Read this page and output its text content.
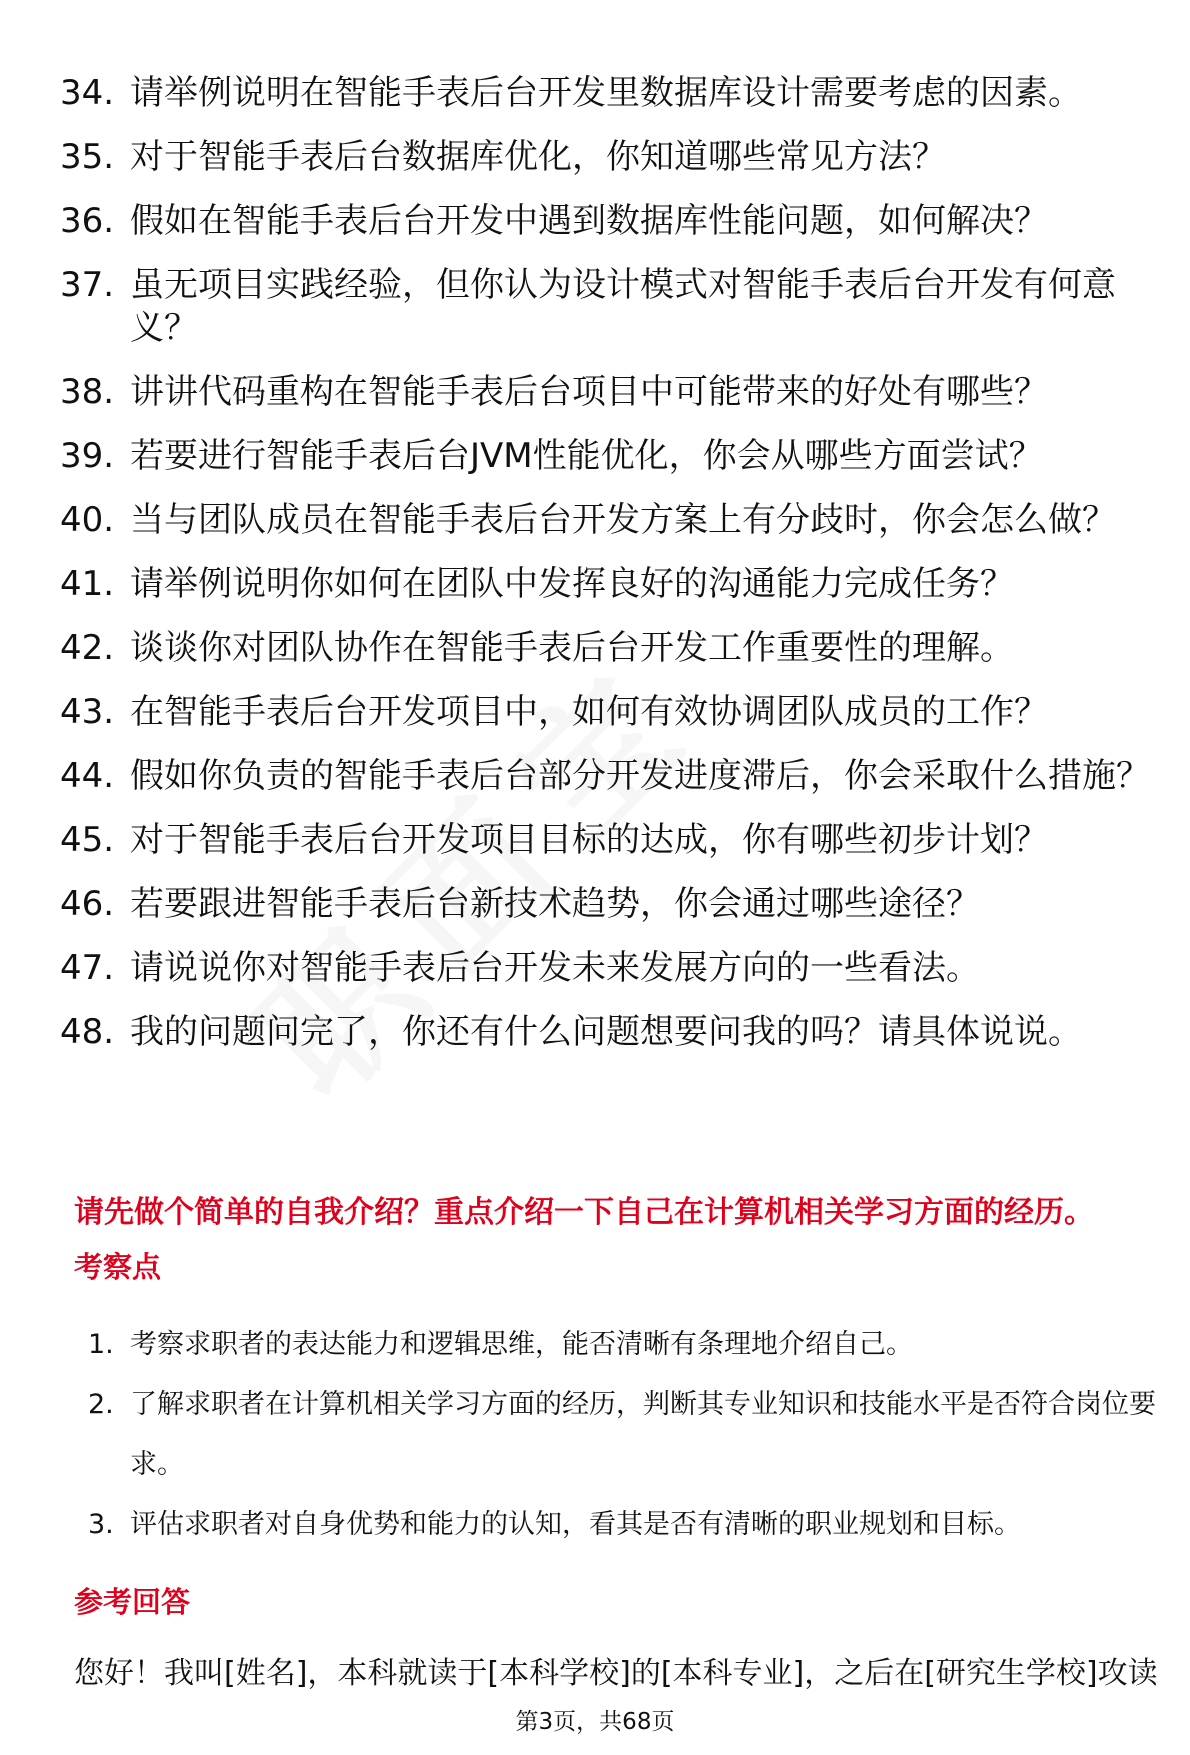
34. 请举例说明在智能手表后台开发里数据库设计需要考虑的因素。
35. 对于智能手表后台数据库优化，你知道哪些常见方法？
36. 假如在智能手表后台开发中遇到数据库性能问题，如何解决？
37. 虽无项目实践经验，但你认为设计模式对智能手表后台开发有何意义？
38. 讲讲代码重构在智能手表后台项目中可能带来的好处有哪些？
39. 若要进行智能手表后台JVM性能优化，你会从哪些方面尝试？
40. 当与团队成员在智能手表后台开发方案上有分歧时，你会怎么做？
41. 请举例说明你如何在团队中发挥良好的沟通能力完成任务？
42. 谈谈你对团队协作在智能手表后台开发工作重要性的理解。
43. 在智能手表后台开发项目中，如何有效协调团队成员的工作？
44. 假如你负责的智能手表后台部分开发进度滞后，你会采取什么措施？
45. 对于智能手表后台开发项目目标的达成，你有哪些初步计划？
46. 若要跟进智能手表后台新技术趋势，你会通过哪些途径？
47. 请说说你对智能手表后台开发未来发展方向的一些看法。
48. 我的问题问完了，你还有什么问题想要问我的吗？请具体说说。
请先做个简单的自我介绍？重点介绍一下自己在计算机相关学习方面的经历。
考察点
1. 考察求职者的表达能力和逻辑思维，能否清晰有条理地介绍自己。
2. 了解求职者在计算机相关学习方面的经历，判断其专业知识和技能水平是否符合岗位要求。
3. 评估求职者对自身优势和能力的认知，看其是否有清晰的职业规划和目标。
参考回答
您好！我叫[姓名]，本科就读于[本科学校]的[本科专业]，之后在[研究生学校]攻读
第3页，共68页
